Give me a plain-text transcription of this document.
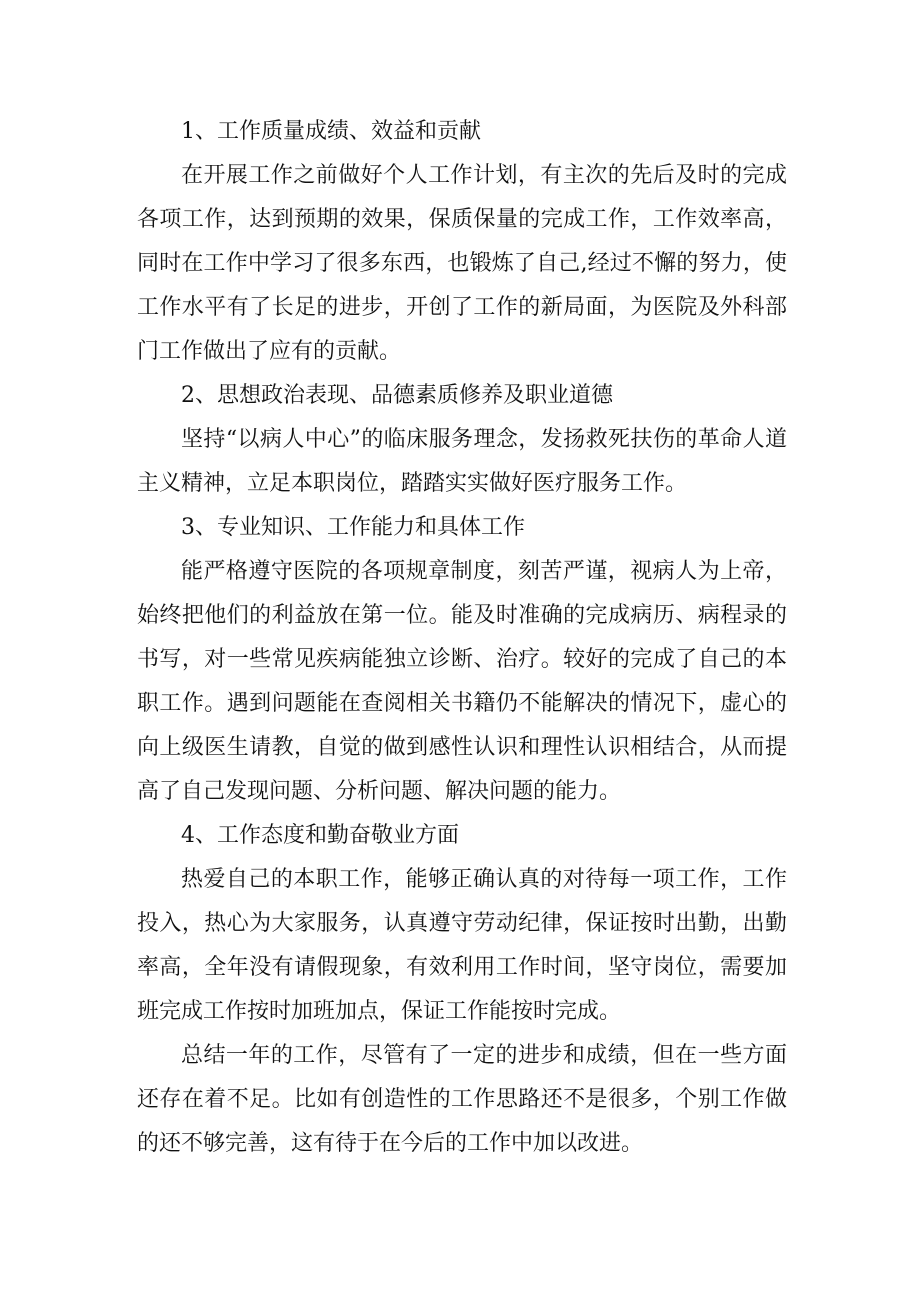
1、工作质量成绩、效益和贡献

在开展工作之前做好个人工作计划，有主次的先后及时的完成各项工作，达到预期的效果，保质保量的完成工作，工作效率高，同时在工作中学习了很多东西，也锻炼了自己,经过不懈的努力，使工作水平有了长足的进步，开创了工作的新局面，为医院及外科部门工作做出了应有的贡献。

2、思想政治表现、品德素质修养及职业道德

坚持“以病人中心”的临床服务理念，发扬救死扶伤的革命人道主义精神，立足本职岗位，踏踏实实做好医疗服务工作。

3、专业知识、工作能力和具体工作

能严格遵守医院的各项规章制度，刻苦严谨，视病人为上帝，始终把他们的利益放在第一位。能及时准确的完成病历、病程录的书写，对一些常见疾病能独立诊断、治疗。较好的完成了自己的本职工作。遇到问题能在查阅相关书籍仍不能解决的情况下，虚心的向上级医生请教，自觉的做到感性认识和理性认识相结合，从而提高了自己发现问题、分析问题、解决问题的能力。

4、工作态度和勤奋敬业方面

热爱自己的本职工作，能够正确认真的对待每一项工作，工作投入，热心为大家服务，认真遵守劳动纪律，保证按时出勤，出勤率高，全年没有请假现象，有效利用工作时间，坚守岗位，需要加班完成工作按时加班加点，保证工作能按时完成。

总结一年的工作，尽管有了一定的进步和成绩，但在一些方面还存在着不足。比如有创造性的工作思路还不是很多，个别工作做的还不够完善，这有待于在今后的工作中加以改进。
